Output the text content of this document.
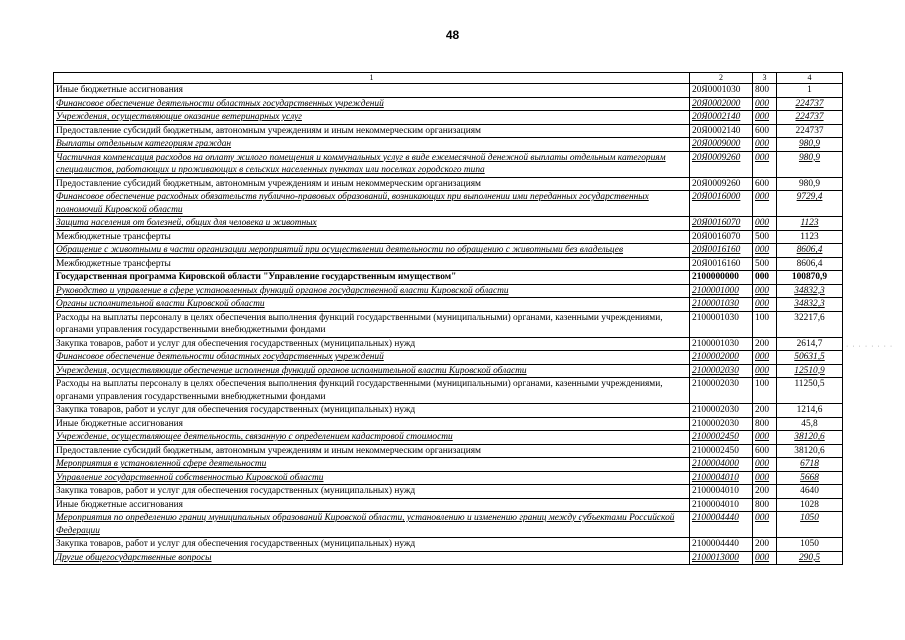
48
1	2	3	4
Иные бюджетные ассигнования	20Я0001030	800	1
Финансовое обеспечение деятельности областных государственных учреждений	20Я0002000	000	224737
Учреждения, осуществляющие оказание ветеринарных услуг	20Я0002140	000	224737
Предоставление субсидий бюджетным, автономным учреждениям и иным некоммерческим организациям	20Я0002140	600	224737
Выплаты отдельным категориям граждан	20Я0009000	000	980,9
Частичная компенсация расходов на оплату жилого помещения и коммунальных услуг в виде ежемесячной денежной выплаты отдельным категориям специалистов, работающих и проживающих в сельских населенных пунктах или поселках городского типа	20Я0009260	000	980,9
Предоставление субсидий бюджетным, автономным учреждениям и иным некоммерческим организациям	20Я0009260	600	980,9
Финансовое обеспечение расходных обязательств публично-правовых образований, возникающих при выполнении ими переданных государственных полномочий Кировской области	20Я0016000	000	9729,4
Защита населения от болезней, общих для человека и животных	20Я0016070	000	1123
Межбюджетные трансферты	20Я0016070	500	1123
Обращение с животными в части организации мероприятий при осуществлении деятельности по обращению с животными без владельцев	20Я0016160	000	8606,4
Межбюджетные трансферты	20Я0016160	500	8606,4
Государственная программа Кировской области "Управление государственным имуществом"	2100000000	000	100870,9
Руководство и управление в сфере установленных функций органов государственной власти Кировской области	2100001000	000	34832,3
Органы исполнительной власти Кировской области	2100001030	000	34832,3
Расходы на выплаты персоналу в целях обеспечения выполнения функций государственными (муниципальными) органами, казенными учреждениями, органами управления государственными внебюджетными фондами	2100001030	100	32217,6
Закупка товаров, работ и услуг для обеспечения государственных (муниципальных) нужд	2100001030	200	2614,7
Финансовое обеспечение деятельности областных государственных учреждений	2100002000	000	50631,5
Учреждения, осуществляющие обеспечение исполнения функций органов исполнительной власти Кировской области	2100002030	000	12510,9
Расходы на выплаты персоналу в целях обеспечения выполнения функций государственными (муниципальными) органами, казенными учреждениями, органами управления государственными внебюджетными фондами	2100002030	100	11250,5
Закупка товаров, работ и услуг для обеспечения государственных (муниципальных) нужд	2100002030	200	1214,6
Иные бюджетные ассигнования	2100002030	800	45,8
Учреждение, осуществляющее деятельность, связанную с определением кадастровой стоимости	2100002450	000	38120,6
Предоставление субсидий бюджетным, автономным учреждениям и иным некоммерческим организациям	2100002450	600	38120,6
Мероприятия в установленной сфере деятельности	2100004000	000	6718
Управление государственной собственностью Кировской области	2100004010	000	5668
Закупка товаров, работ и услуг для обеспечения государственных (муниципальных) нужд	2100004010	200	4640
Иные бюджетные ассигнования	2100004010	800	1028
Мероприятия по определению границ муниципальных образований Кировской области, установлению и изменению границ между субъектами Российской Федерации	2100004440	000	1050
Закупка товаров, работ и услуг для обеспечения государственных (муниципальных) нужд	2100004440	200	1050
Другие общегосударственные вопросы	2100013000	000	290,5
· · · · · · · ·
